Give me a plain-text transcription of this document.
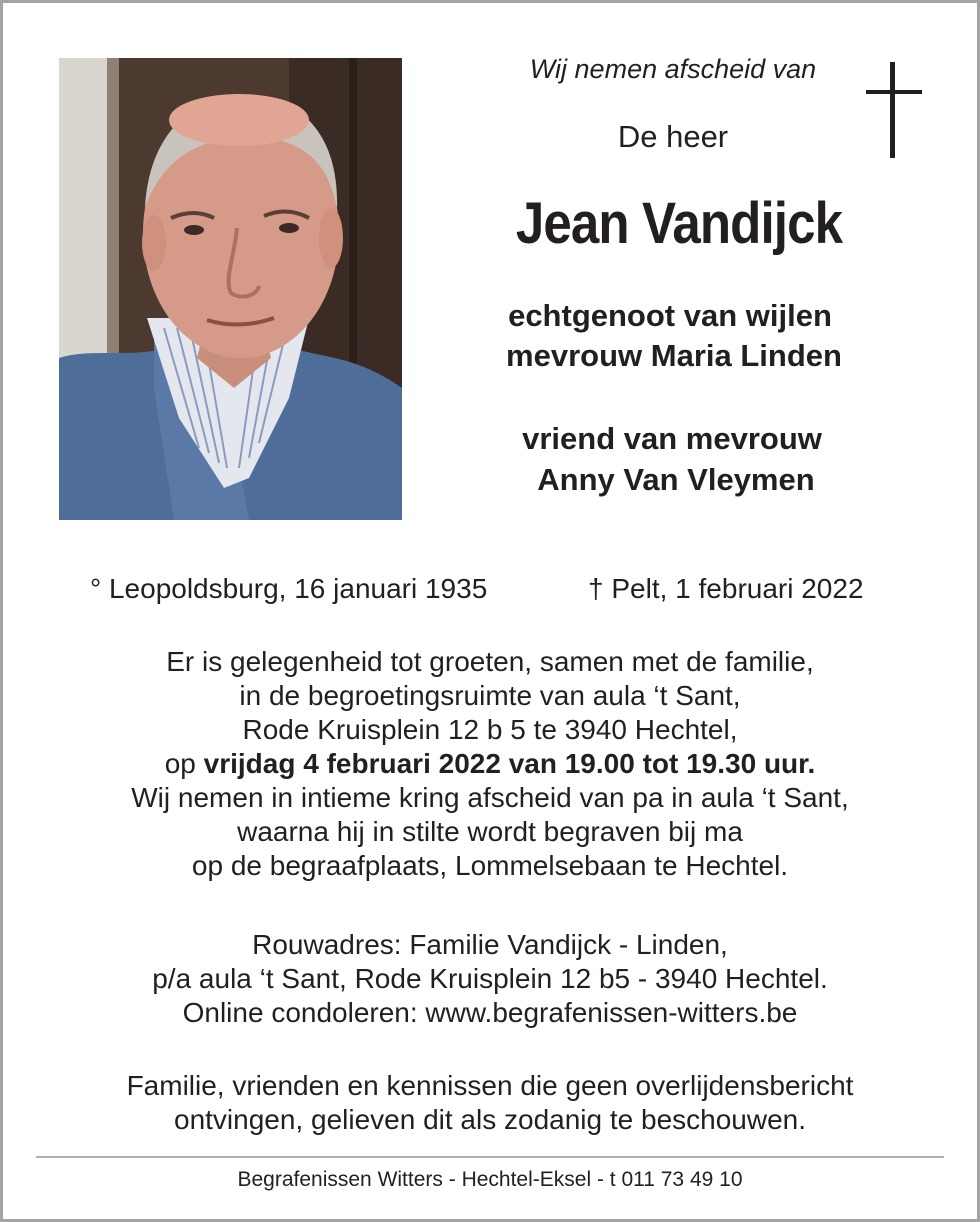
Wij nemen afscheid van
De heer
Jean Vandijck
echtgenoot van wijlen
mevrouw Maria Linden
vriend van mevrouw
Anny Van Vleymen
° Leopoldsburg, 16 januari 1935	† Pelt, 1 februari 2022
Er is gelegenheid tot groeten, samen met de familie,
in de begroetingsruimte van aula ‘t Sant,
Rode Kruisplein 12 b 5 te 3940 Hechtel,
op vrijdag 4 februari 2022 van 19.00 tot 19.30 uur.
Wij nemen in intieme kring afscheid van pa in aula ‘t Sant,
waarna hij in stilte wordt begraven bij ma
op de begraafplaats, Lommelsebaan te Hechtel.
Rouwadres: Familie Vandijck - Linden,
p/a aula ‘t Sant, Rode Kruisplein 12 b5 - 3940 Hechtel.
Online condoleren: www.begrafenissen-witters.be
Familie, vrienden en kennissen die geen overlijdensbericht
ontvingen, gelieven dit als zodanig te beschouwen.
Begrafenissen Witters - Hechtel-Eksel - t 011 73 49 10
